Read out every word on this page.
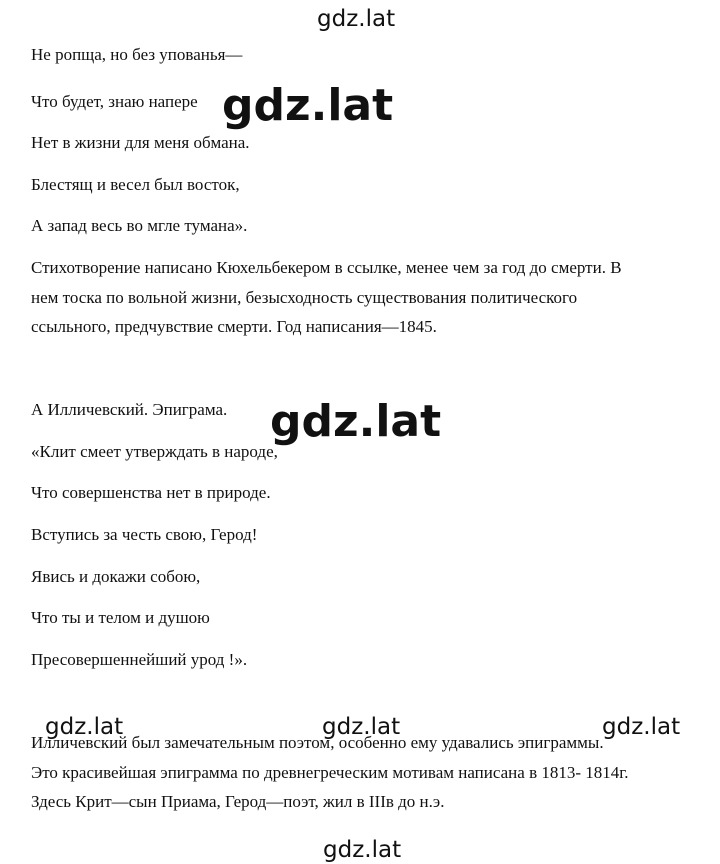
Не ропща, но без упованья—

Что будет, знаю напере

Нет в жизни для меня обмана.

Блестящ и весел был восток,

А запад весь во мгле тумана».

Стихотворение написано Кюхельбекером в ссылке, менее чем за год до смерти. В

нем тоска по вольной жизни, безысходность существования политического

ссыльного, предчувствие смерти. Год написания—1845.

А Илличевский. Эпиграма.

«Клит смеет утверждать в народе,

Что совершенства нет в природе.

Вступись за честь свою, Герод!

Явись и докажи собою,

Что ты и телом и душою

Пресовершеннейший урод !».

Илличевский был замечательным поэтом, особенно ему удавались эпиграммы.

Это красивейшая эпиграмма по древнегреческим мотивам написана в 1813- 1814г.

Здесь Крит—сын Приама, Герод—поэт, жил в IIIв до н.э.

gdz.lat
gdz.lat
gdz.lat
gdz.lat	gdz.lat	gdz.lat
gdz.lat
